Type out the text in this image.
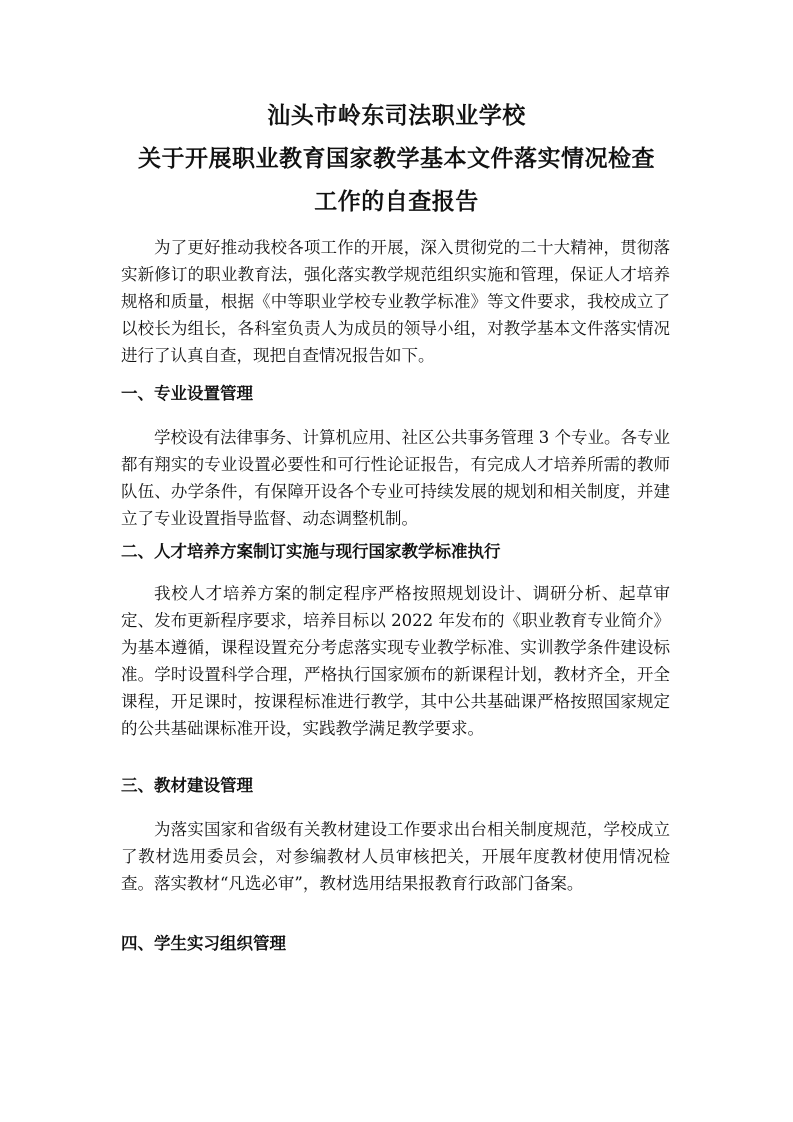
汕头市岭东司法职业学校
关于开展职业教育国家教学基本文件落实情况检查
工作的自查报告

为了更好推动我校各项工作的开展，深入贯彻党的二十大精神，贯彻落实新修订的职业教育法，强化落实教学规范组织实施和管理，保证人才培养规格和质量，根据《中等职业学校专业教学标准》等文件要求，我校成立了以校长为组长，各科室负责人为成员的领导小组，对教学基本文件落实情况进行了认真自查，现把自查情况报告如下。

一、专业设置管理

学校设有法律事务、计算机应用、社区公共事务管理 3 个专业。各专业都有翔实的专业设置必要性和可行性论证报告，有完成人才培养所需的教师队伍、办学条件，有保障开设各个专业可持续发展的规划和相关制度，并建立了专业设置指导监督、动态调整机制。

二、人才培养方案制订实施与现行国家教学标准执行

我校人才培养方案的制定程序严格按照规划设计、调研分析、起草审定、发布更新程序要求，培养目标以 2022 年发布的《职业教育专业简介》为基本遵循，课程设置充分考虑落实现专业教学标准、实训教学条件建设标准。学时设置科学合理，严格执行国家颁布的新课程计划，教材齐全，开全课程，开足课时，按课程标准进行教学，其中公共基础课严格按照国家规定的公共基础课标准开设，实践教学满足教学要求。

三、教材建设管理

为落实国家和省级有关教材建设工作要求出台相关制度规范，学校成立了教材选用委员会，对参编教材人员审核把关，开展年度教材使用情况检查。落实教材“凡选必审”，教材选用结果报教育行政部门备案。

四、学生实习组织管理
